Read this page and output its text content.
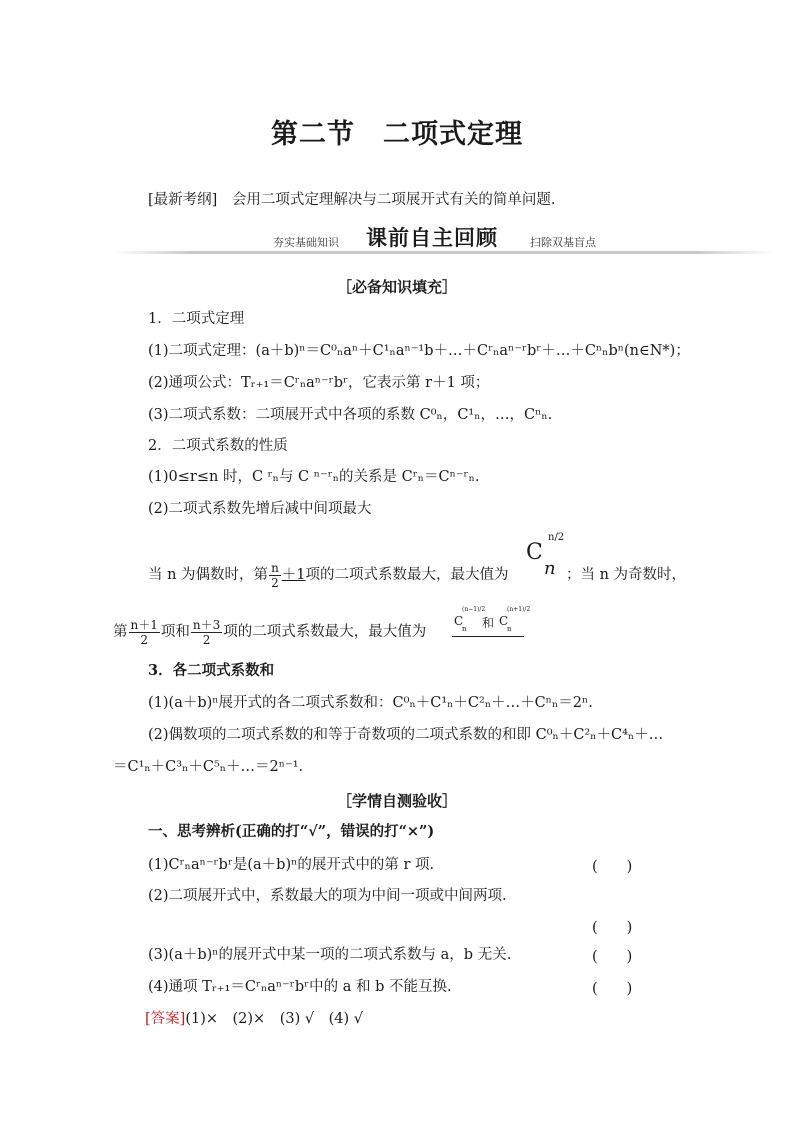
第二节 二项式定理
[最新考纲]　 会用二项式定理解决与二项展开式有关的简单问题.
夯实基础知识 课前自主回顾	扫除双基盲点
［必备知识填充］
1．二项式定理
(1)二项式定理：(a＋b)ⁿ＝C⁰ₙaⁿ＋C¹ₙaⁿ⁻¹b＋…＋Cʳₙaⁿ⁻ʳbʳ＋…＋Cⁿₙbⁿ(n∈N*)；
(2)通项公式：Tᵣ₊₁＝Cʳₙaⁿ⁻ʳbʳ，它表示第 r＋1 项；
(3)二项式系数：二项展开式中各项的系数 C⁰ₙ，C¹ₙ，…，Cⁿₙ.
2．二项式系数的性质
(1)0≤r≤n 时，C ʳₙ与 C ⁿ⁻ʳₙ的关系是 Cʳₙ＝Cⁿ⁻ʳₙ.
(2)二项式系数先增后减中间项最大
当 n 为偶数时，第 $\frac{n}{2} +1$项的二项式系数最大，最大值为
C
n/2
n ；当 n 为奇数时，
第 $\frac{n+1}{2}$ 项和 $\frac{n+3}{2}$ 项的二项式系数最大，最大值为
C
(n−1)/2
n 和 C
(n+1)/2
n
3．各二项式系数和
(1)(a＋b)ⁿ展开式的各二项式系数和：C⁰ₙ＋C¹ₙ＋C²ₙ＋…＋Cⁿₙ＝2ⁿ.
(2)偶数项的二项式系数的和等于奇数项的二项式系数的和即 C⁰ₙ＋C²ₙ＋C⁴ₙ＋…
＝C¹ₙ＋C³ₙ＋C⁵ₙ＋…＝2ⁿ⁻¹.

［学情自测验收］
一、思考辨析(正确的打“√”，错误的打“×”)
(1)Cʳₙaⁿ⁻ʳbʳ是(a＋b)ⁿ的展开式中的第 r 项.	(　　)
(2)二项展开式中，系数最大的项为中间一项或中间两项.
(　　)
(3)(a＋b)ⁿ的展开式中某一项的二项式系数与 a，b 无关.	(　　)
(4)通项 Tᵣ₊₁＝Cʳₙaⁿ⁻ʳbʳ中的 a 和 b 不能互换.	(　　)
[答案](1)×　(2)×　(3) √　(4) √
